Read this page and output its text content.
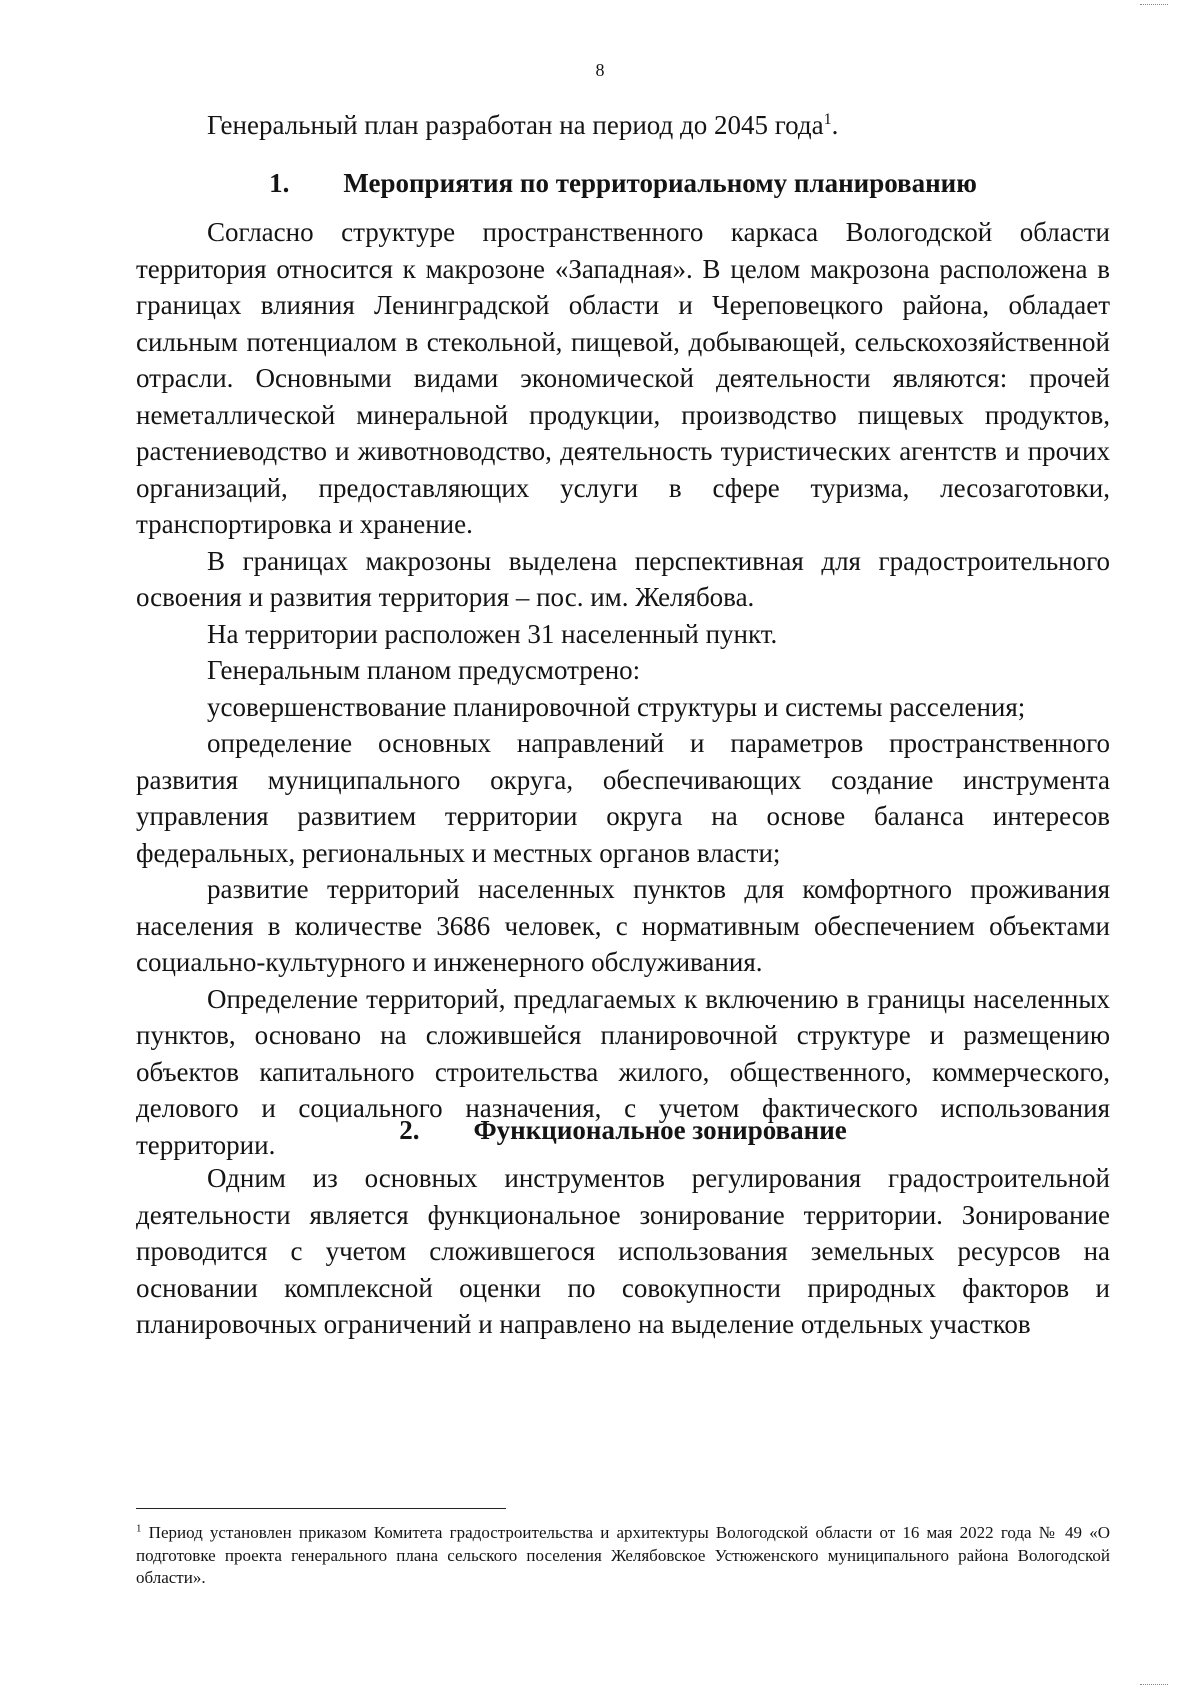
8

Генеральный план разработан на период до 2045 года$^1$.

1. Мероприятия по территориальному планированию

Согласно структуре пространственного каркаса Вологодской области территория относится к макрозоне «Западная». В целом макрозона расположена в границах влияния Ленинградской области и Череповецкого района, обладает сильным потенциалом в стекольной, пищевой, добывающей, сельскохозяйственной отрасли. Основными видами экономической деятельности являются: прочей неметаллической минеральной продукции, производство пищевых продуктов, растениеводство и животноводство, деятельность туристических агентств и прочих организаций, предоставляющих услуги в сфере туризма, лесозаготовки, транспортировка и хранение.

В границах макрозоны выделена перспективная для градостроительного освоения и развития территория – пос. им. Желябова.

На территории расположен 31 населенный пункт.

Генеральным планом предусмотрено:

усовершенствование планировочной структуры и системы расселения;

определение основных направлений и параметров пространственного развития муниципального округа, обеспечивающих создание инструмента управления развитием территории округа на основе баланса интересов федеральных, региональных и местных органов власти;

развитие территорий населенных пунктов для комфортного проживания населения в количестве 3686 человек, с нормативным обеспечением объектами социально-культурного и инженерного обслуживания.

Определение территорий, предлагаемых к включению в границы населенных пунктов, основано на сложившейся планировочной структуре и размещению объектов капитального строительства жилого, общественного, коммерческого, делового и социального назначения, с учетом фактического использования территории.	2. Функциональное зонирование

Одним из основных инструментов регулирования градостроительной деятельности является функциональное зонирование территории. Зонирование проводится с учетом сложившегося использования земельных ресурсов на основании комплексной оценки по совокупности природных факторов и планировочных ограничений и направлено на выделение отдельных участков

$^1$ Период установлен приказом Комитета градостроительства и архитектуры Вологодской области от 16 мая 2022 года № 49 «О подготовке проекта генерального плана сельского поселения Желябовское Устюженского муниципального района Вологодской области».
